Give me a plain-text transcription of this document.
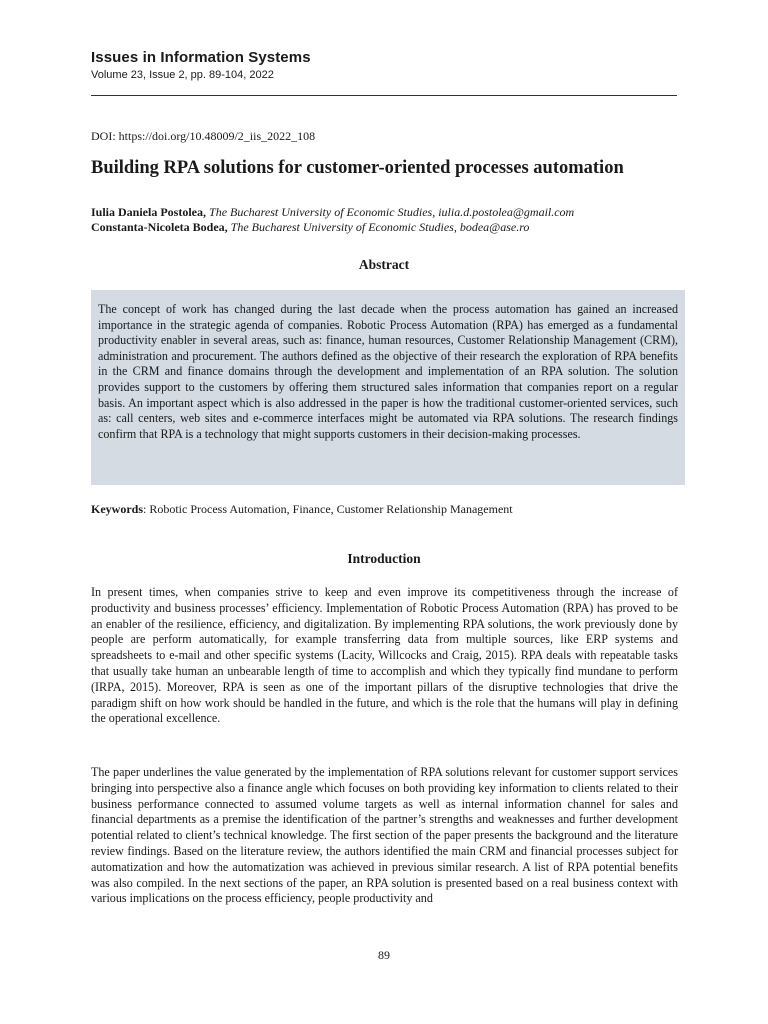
Issues in Information Systems
Volume 23, Issue 2, pp. 89-104, 2022
DOI: https://doi.org/10.48009/2_iis_2022_108
Building RPA solutions for customer-oriented processes automation
Iulia Daniela Postolea, The Bucharest University of Economic Studies, iulia.d.postolea@gmail.com
Constanta-Nicoleta Bodea, The Bucharest University of Economic Studies, bodea@ase.ro
Abstract

The concept of work has changed during the last decade when the process automation has gained an increased importance in the strategic agenda of companies. Robotic Process Automation (RPA) has emerged as a fundamental productivity enabler in several areas, such as: finance, human resources, Customer Relationship Management (CRM), administration and procurement. The authors defined as the objective of their research the exploration of RPA benefits in the CRM and finance domains through the development and implementation of an RPA solution. The solution provides support to the customers by offering them structured sales information that companies report on a regular basis. An important aspect which is also addressed in the paper is how the traditional customer-oriented services, such as: call centers, web sites and e-commerce interfaces might be automated via RPA solutions. The research findings confirm that RPA is a technology that might supports customers in their decision-making processes.

Keywords: Robotic Process Automation, Finance, Customer Relationship Management
Introduction

In present times, when companies strive to keep and even improve its competitiveness through the increase of productivity and business processes’ efficiency. Implementation of Robotic Process Automation (RPA) has proved to be an enabler of the resilience, efficiency, and digitalization. By implementing RPA solutions, the work previously done by people are perform automatically, for example transferring data from multiple sources, like ERP systems and spreadsheets to e-mail and other specific systems (Lacity, Willcocks and Craig, 2015). RPA deals with repeatable tasks that usually take human an unbearable length of time to accomplish and which they typically find mundane to perform (IRPA, 2015). Moreover, RPA is seen as one of the important pillars of the disruptive technologies that drive the paradigm shift on how work should be handled in the future, and which is the role that the humans will play in defining the operational excellence.

The paper underlines the value generated by the implementation of RPA solutions relevant for customer support services bringing into perspective also a finance angle which focuses on both providing key information to clients related to their business performance connected to assumed volume targets as well as internal information channel for sales and financial departments as a premise the identification of the partner’s strengths and weaknesses and further development potential related to client’s technical knowledge. The first section of the paper presents the background and the literature review findings. Based on the literature review, the authors identified the main CRM and financial processes subject for automatization and how the automatization was achieved in previous similar research. A list of RPA potential benefits was also compiled. In the next sections of the paper, an RPA solution is presented based on a real business context with various implications on the process efficiency, people productivity and

89
